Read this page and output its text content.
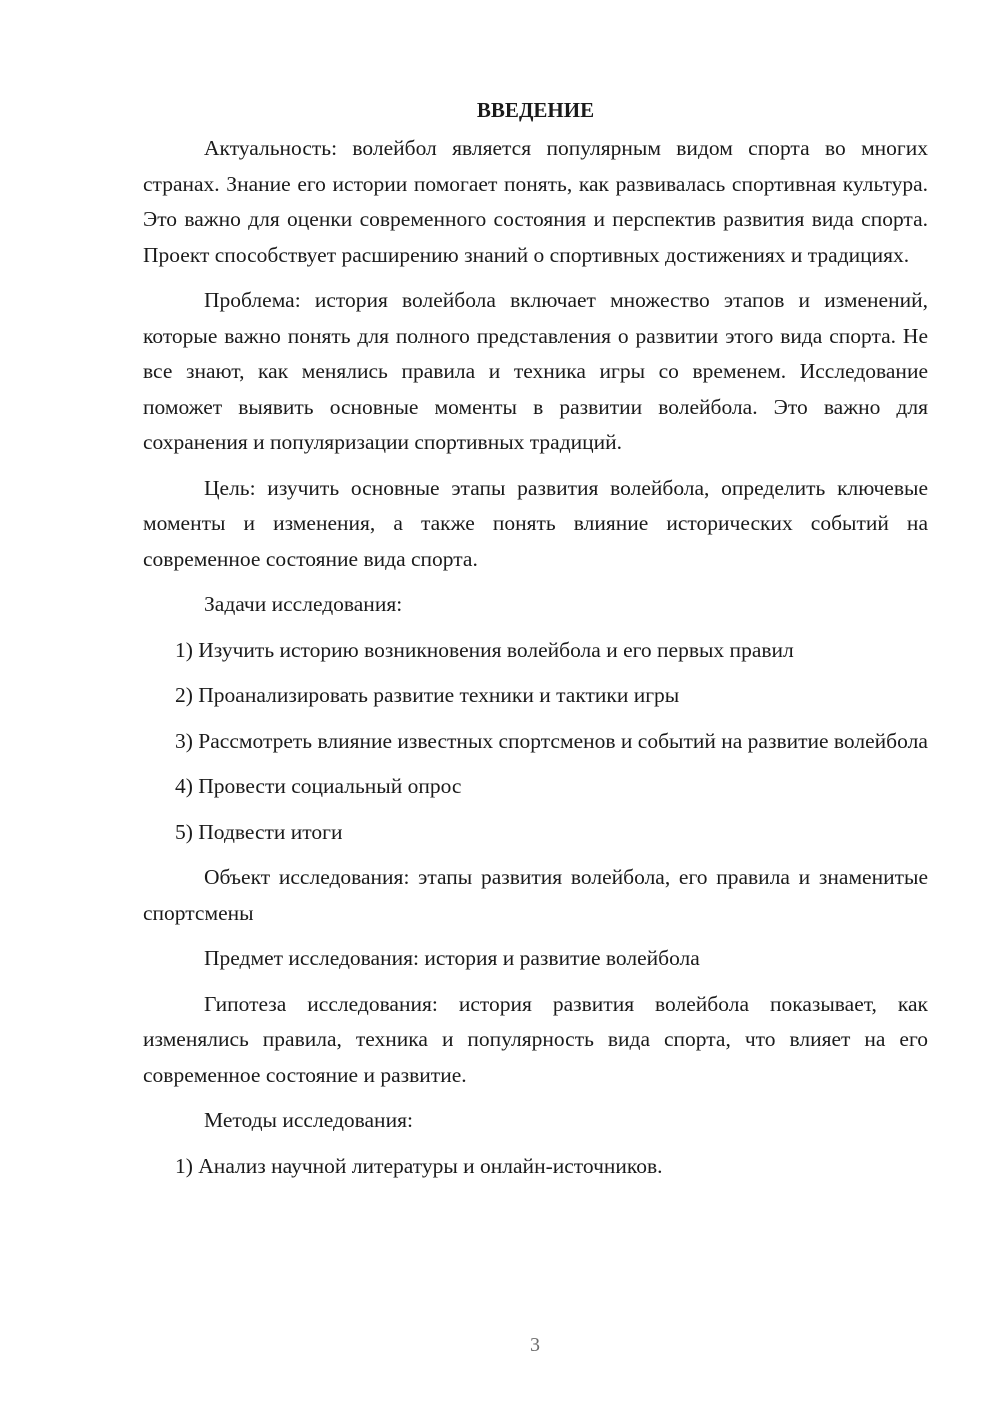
ВВЕДЕНИЕ

Актуальность: волейбол является популярным видом спорта во многих странах. Знание его истории помогает понять, как развивалась спортивная культура. Это важно для оценки современного состояния и перспектив развития вида спорта. Проект способствует расширению знаний о спортивных достижениях и традициях.

Проблема: история волейбола включает множество этапов и изменений, которые важно понять для полного представления о развитии этого вида спорта. Не все знают, как менялись правила и техника игры со временем. Исследование поможет выявить основные моменты в развитии волейбола. Это важно для сохранения и популяризации спортивных традиций.

Цель: изучить основные этапы развития волейбола, определить ключевые моменты и изменения, а также понять влияние исторических событий на современное состояние вида спорта.

Задачи исследования:

1) Изучить историю возникновения волейбола и его первых правил

2) Проанализировать развитие техники и тактики игры

3) Рассмотреть влияние известных спортсменов и событий на развитие волейбола

4) Провести социальный опрос

5) Подвести итоги

Объект исследования: этапы развития волейбола, его правила и знаменитые спортсмены

Предмет исследования: история и развитие волейбола

Гипотеза исследования: история развития волейбола показывает, как изменялись правила, техника и популярность вида спорта, что влияет на его современное состояние и развитие.

Методы исследования:

1) Анализ научной литературы и онлайн-источников.

3
